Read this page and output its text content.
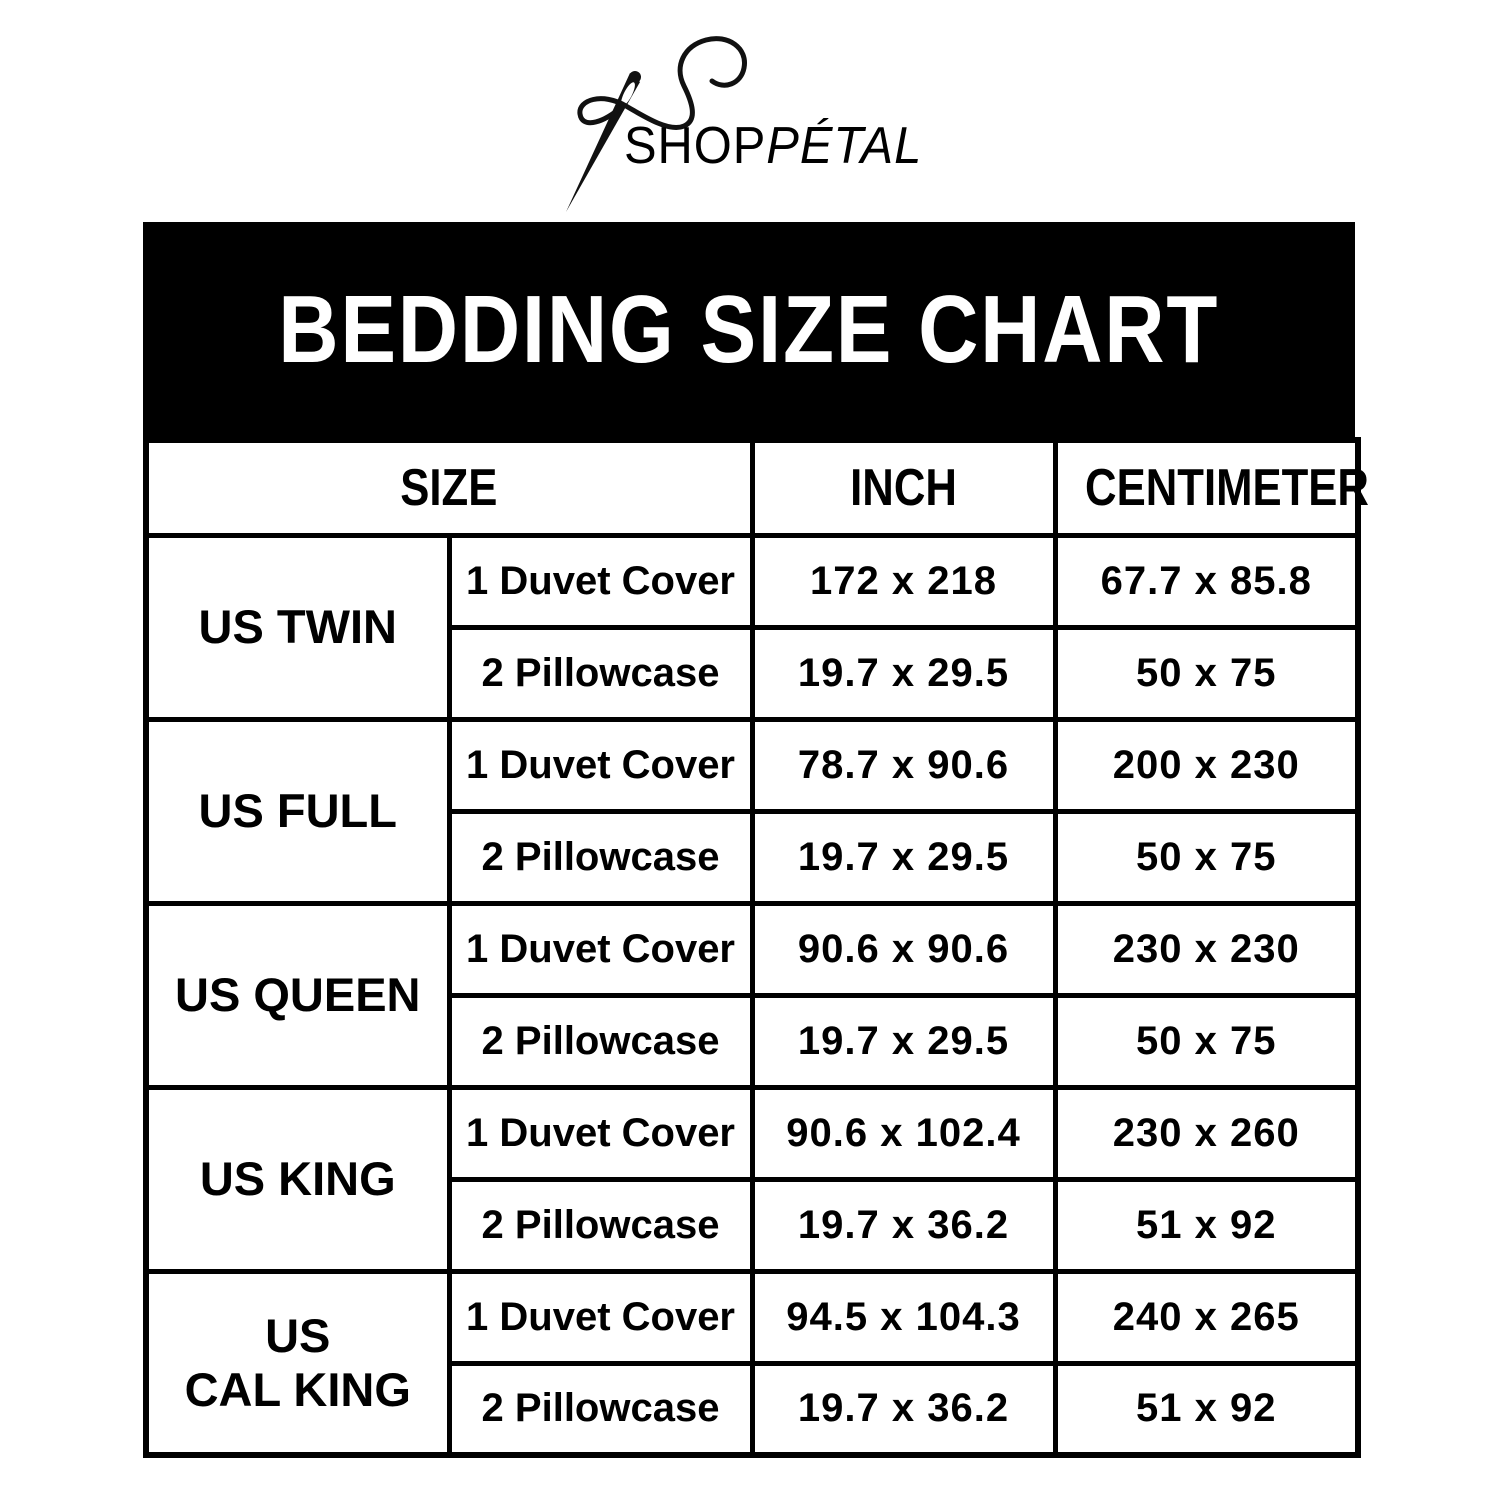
SHOPPÉTAL
BEDDING SIZE CHART
SIZE		INCH	CENTIMETER
US TWIN	1 Duvet Cover	172 x 218	67.7 x 85.8
	2 Pillowcase	19.7 x 29.5	50 x 75
US FULL	1 Duvet Cover	78.7 x 90.6	200 x 230
	2 Pillowcase	19.7 x 29.5	50 x 75
US QUEEN	1 Duvet Cover	90.6 x 90.6	230 x 230
	2 Pillowcase	19.7 x 29.5	50 x 75
US KING	1 Duvet Cover	90.6 x 102.4	230 x 260
	2 Pillowcase	19.7 x 36.2	51 x 92

US
CAL KING	1 Duvet Cover	94.5 x 104.3	240 x 265
	2 Pillowcase	19.7 x 36.2	51 x 92
